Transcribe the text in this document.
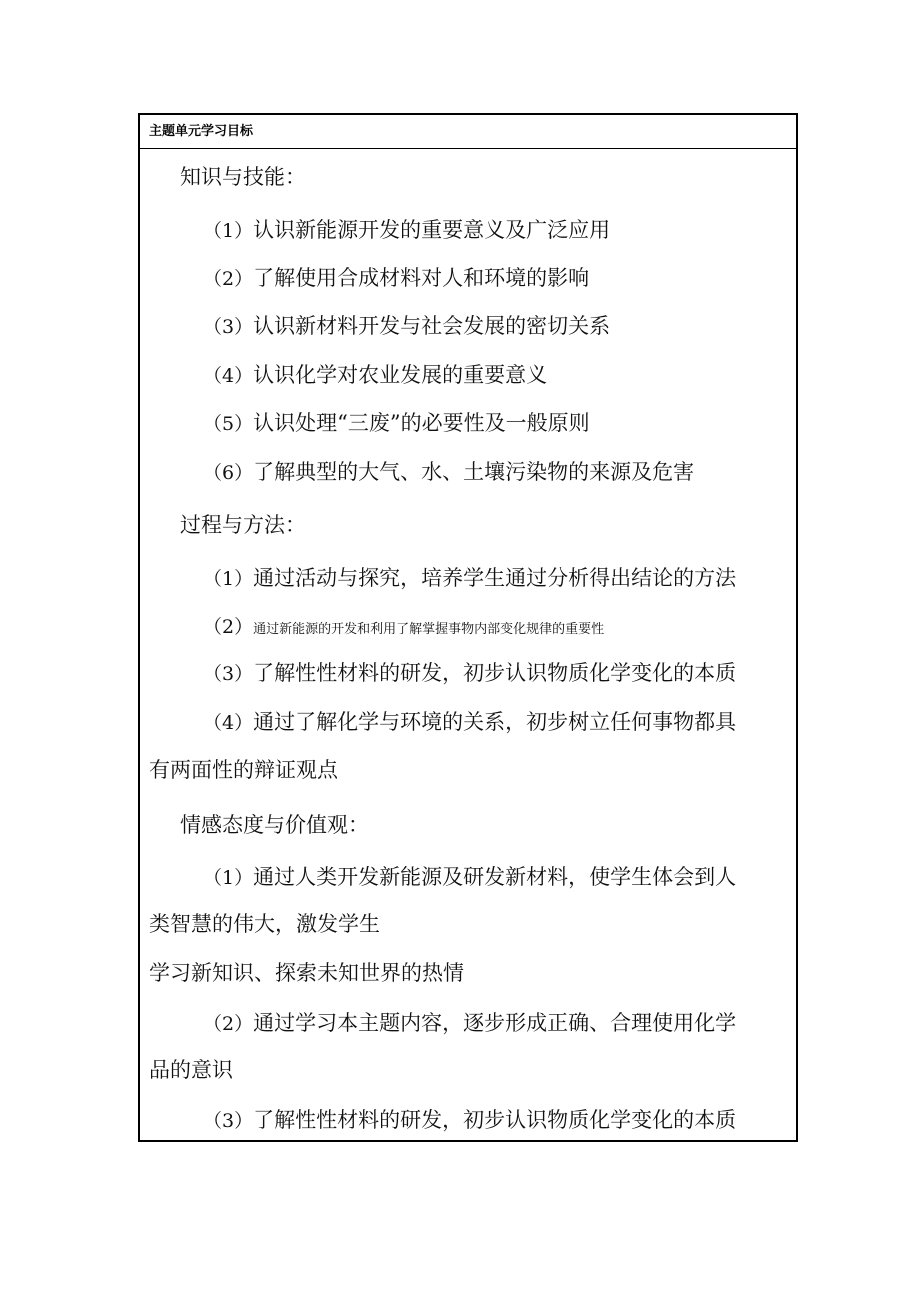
主题单元学习目标
知识与技能：
（1）认识新能源开发的重要意义及广泛应用
（2）了解使用合成材料对人和环境的影响
（3）认识新材料开发与社会发展的密切关系
（4）认识化学对农业发展的重要意义
（5）认识处理“三废”的必要性及一般原则
（6）了解典型的大气、水、土壤污染物的来源及危害
过程与方法：
（1）通过活动与探究，培养学生通过分析得出结论的方法
（2）通过新能源的开发和利用了解掌握事物内部变化规律的重要性
（3）了解性性材料的研发，初步认识物质化学变化的本质
（4）通过了解化学与环境的关系，初步树立任何事物都具
有两面性的辩证观点
情感态度与价值观：
（1）通过人类开发新能源及研发新材料，使学生体会到人
类智慧的伟大，激发学生
学习新知识、探索未知世界的热情
（2）通过学习本主题内容，逐步形成正确、合理使用化学
品的意识
（3）了解性性材料的研发，初步认识物质化学变化的本质
